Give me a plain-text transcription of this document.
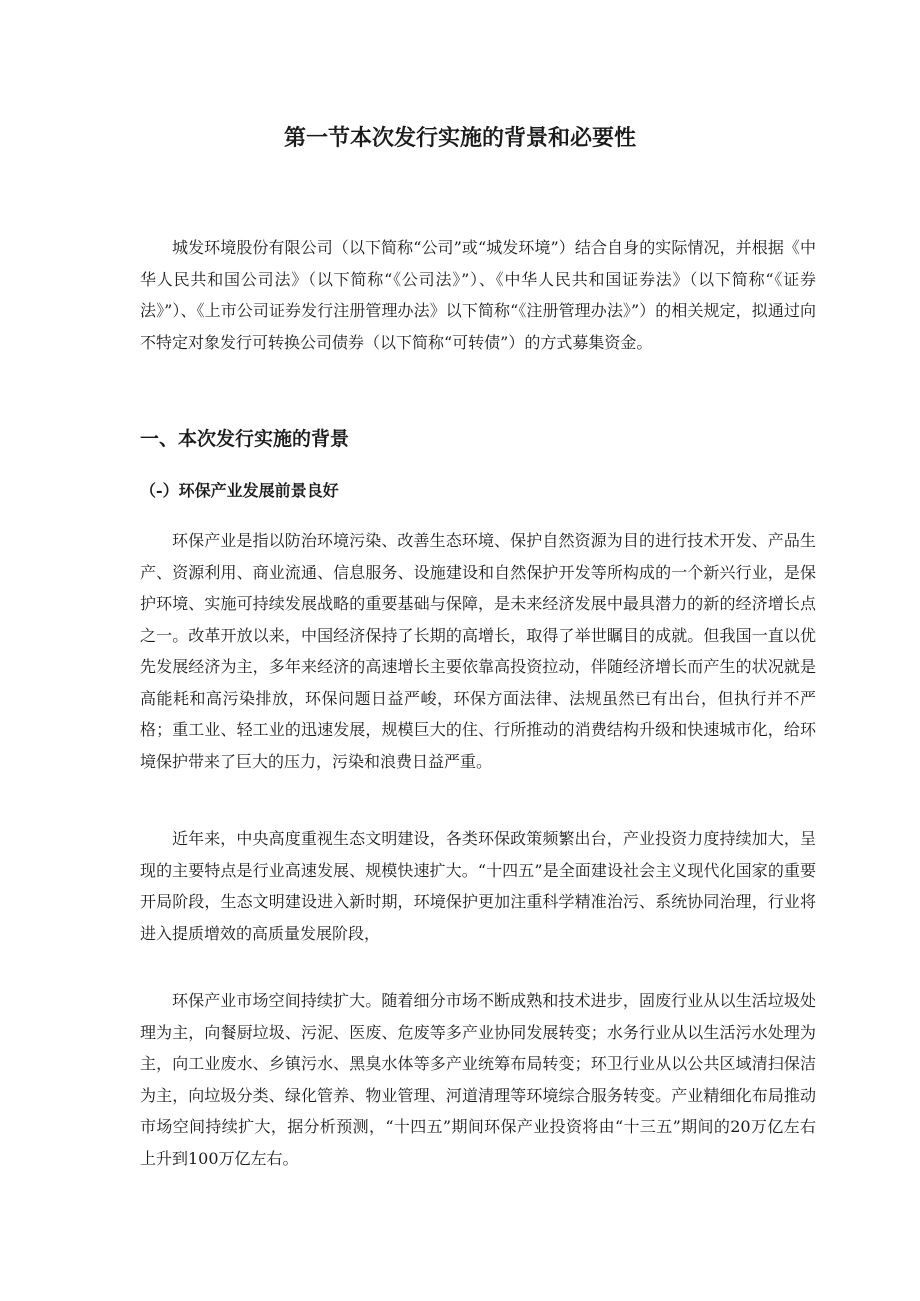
第一节本次发行实施的背景和必要性

城发环境股份有限公司（以下简称“公司”或“城发环境”）结合自身的实际情况，并根据《中华人民共和国公司法》（以下简称“《公司法》”）、《中华人民共和国证券法》（以下简称“《证券法》”）、《上市公司证券发行注册管理办法》以下简称“《注册管理办法》”）的相关规定，拟通过向不特定对象发行可转换公司债券（以下简称“可转债”）的方式募集资金。

一、本次发行实施的背景
（-）环保产业发展前景良好

环保产业是指以防治环境污染、改善生态环境、保护自然资源为目的进行技术开发、产品生产、资源利用、商业流通、信息服务、设施建设和自然保护开发等所构成的一个新兴行业，是保护环境、实施可持续发展战略的重要基础与保障，是未来经济发展中最具潜力的新的经济增长点之一。改革开放以来，中国经济保持了长期的高增长，取得了举世瞩目的成就。但我国一直以优先发展经济为主，多年来经济的高速增长主要依靠高投资拉动，伴随经济增长而产生的状况就是高能耗和高污染排放，环保问题日益严峻，环保方面法律、法规虽然已有出台，但执行并不严格；重工业、轻工业的迅速发展，规模巨大的住、行所推动的消费结构升级和快速城市化，给环境保护带来了巨大的压力，污染和浪费日益严重。

近年来，中央高度重视生态文明建设，各类环保政策频繁出台，产业投资力度持续加大，呈现的主要特点是行业高速发展、规模快速扩大。“十四五”是全面建设社会主义现代化国家的重要开局阶段，生态文明建设进入新时期，环境保护更加注重科学精准治污、系统协同治理，行业将进入提质增效的高质量发展阶段，

环保产业市场空间持续扩大。随着细分市场不断成熟和技术进步，固废行业从以生活垃圾处理为主，向餐厨垃圾、污泥、医废、危废等多产业协同发展转变；水务行业从以生活污水处理为主，向工业废水、乡镇污水、黑臭水体等多产业统筹布局转变；环卫行业从以公共区域清扫保洁为主，向垃圾分类、绿化管养、物业管理、河道清理等环境综合服务转变。产业精细化布局推动市场空间持续扩大，据分析预测，“十四五”期间环保产业投资将由“十三五”期间的20万亿左右上升到100万亿左右。
